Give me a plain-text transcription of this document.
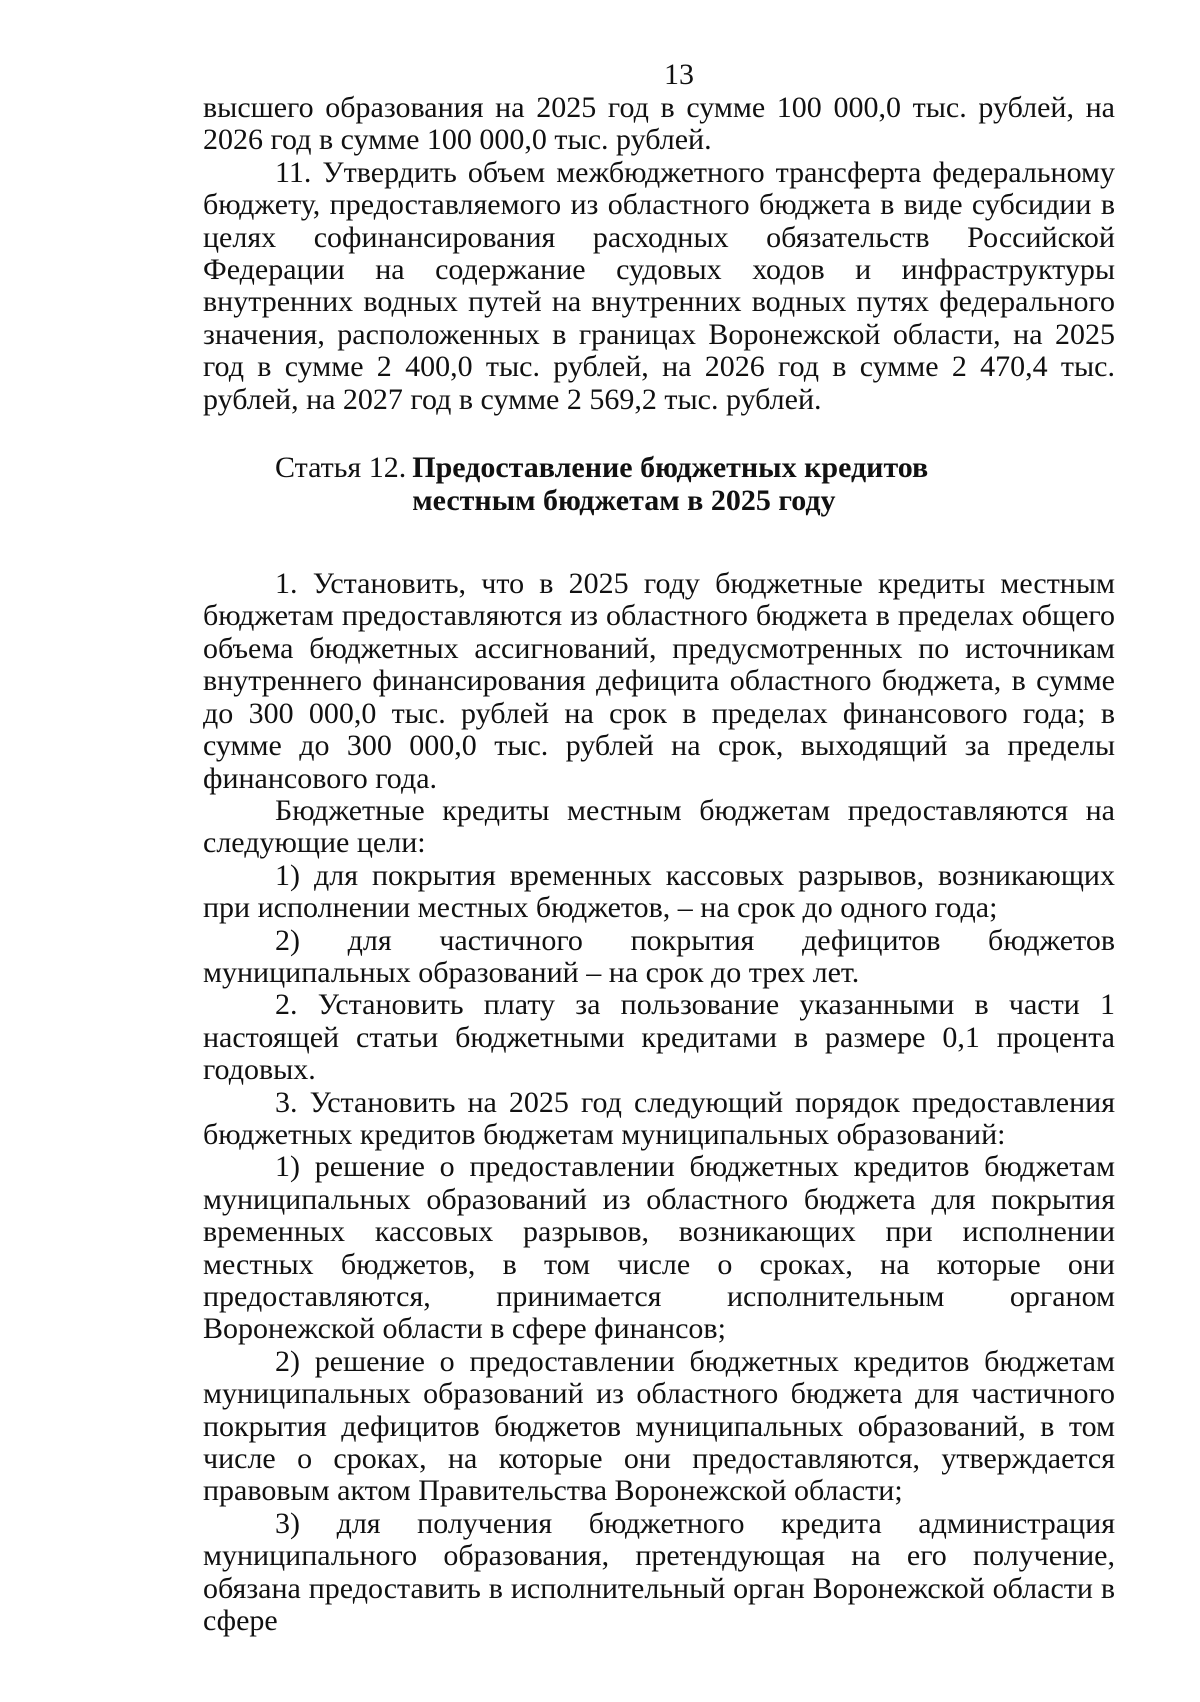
13

высшего образования на 2025 год в сумме 100 000,0 тыс. рублей, на 2026 год в сумме 100 000,0 тыс. рублей.

11. Утвердить объем межбюджетного трансферта федеральному бюджету, предоставляемого из областного бюджета в виде субсидии в целях софинансирования расходных обязательств Российской Федерации на содержание судовых ходов и инфраструктуры внутренних водных путей на внутренних водных путях федерального значения, расположенных в границах Воронежской области, на 2025 год в сумме 2 400,0 тыс. рублей, на 2026 год в сумме 2 470,4 тыс. рублей, на 2027 год в сумме 2 569,2 тыс. рублей.

Статья 12. Предоставление бюджетных кредитов местным бюджетам в 2025 году

1. Установить, что в 2025 году бюджетные кредиты местным бюджетам предоставляются из областного бюджета в пределах общего объема бюджетных ассигнований, предусмотренных по источникам внутреннего финансирования дефицита областного бюджета, в сумме до 300 000,0 тыс. рублей на срок в пределах финансового года; в сумме до 300 000,0 тыс. рублей на срок, выходящий за пределы финансового года.

Бюджетные кредиты местным бюджетам предоставляются на следующие цели:

1) для покрытия временных кассовых разрывов, возникающих при исполнении местных бюджетов, – на срок до одного года;

2) для частичного покрытия дефицитов бюджетов муниципальных образований – на срок до трех лет.

2. Установить плату за пользование указанными в части 1 настоящей статьи бюджетными кредитами в размере 0,1 процента годовых.

3. Установить на 2025 год следующий порядок предоставления бюджетных кредитов бюджетам муниципальных образований:

1) решение о предоставлении бюджетных кредитов бюджетам муниципальных образований из областного бюджета для покрытия временных кассовых разрывов, возникающих при исполнении местных бюджетов, в том числе о сроках, на которые они предоставляются, принимается исполнительным органом Воронежской области в сфере финансов;

2) решение о предоставлении бюджетных кредитов бюджетам муниципальных образований из областного бюджета для частичного покрытия дефицитов бюджетов муниципальных образований, в том числе о сроках, на которые они предоставляются, утверждается правовым актом Правительства Воронежской области;

3) для получения бюджетного кредита администрация муниципального образования, претендующая на его получение, обязана предоставить в исполнительный орган Воронежской области в сфере
